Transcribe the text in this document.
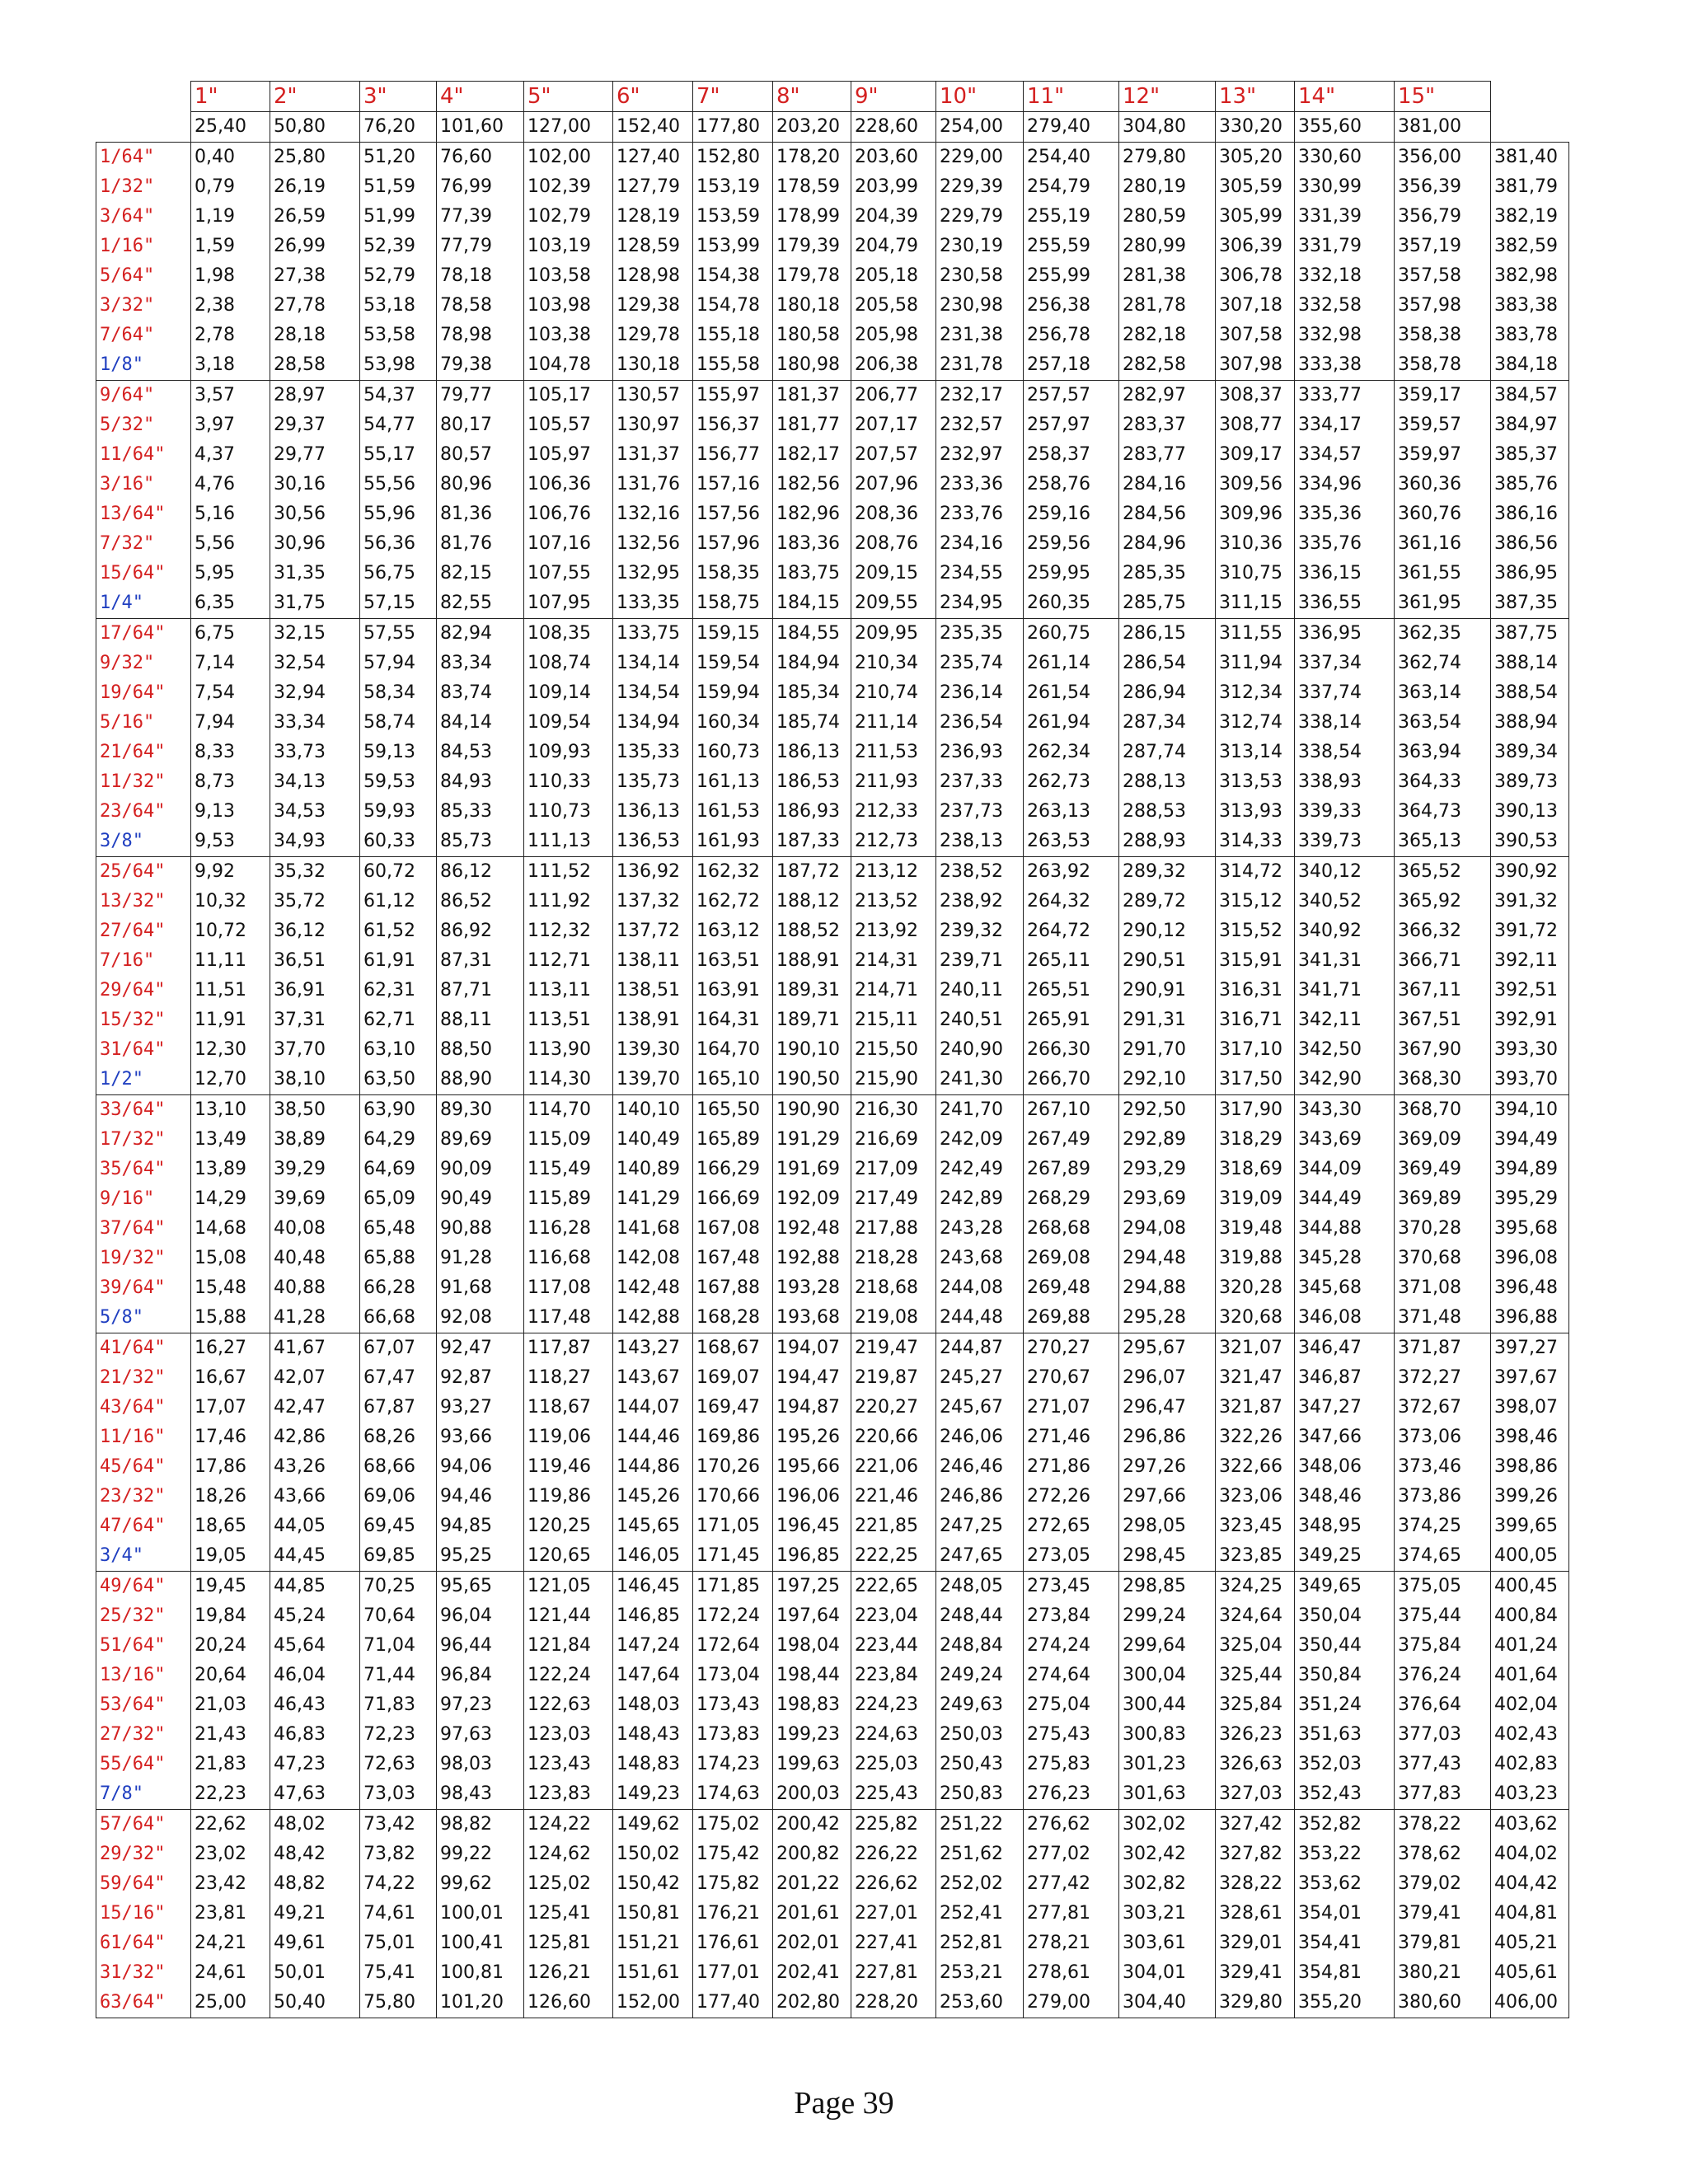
	1"	2"	3"	4"	5"	6"	7"	8"	9"	10"	11"	12"	13"	14"	15"	
	25,40	50,80	76,20	101,60	127,00	152,40	177,80	203,20	228,60	254,00	279,40	304,80	330,20	355,60	381,00	
1/64"	0,40	25,80	51,20	76,60	102,00	127,40	152,80	178,20	203,60	229,00	254,40	279,80	305,20	330,60	356,00	381,40
1/32"	0,79	26,19	51,59	76,99	102,39	127,79	153,19	178,59	203,99	229,39	254,79	280,19	305,59	330,99	356,39	381,79
3/64"	1,19	26,59	51,99	77,39	102,79	128,19	153,59	178,99	204,39	229,79	255,19	280,59	305,99	331,39	356,79	382,19
1/16"	1,59	26,99	52,39	77,79	103,19	128,59	153,99	179,39	204,79	230,19	255,59	280,99	306,39	331,79	357,19	382,59
5/64"	1,98	27,38	52,79	78,18	103,58	128,98	154,38	179,78	205,18	230,58	255,99	281,38	306,78	332,18	357,58	382,98
3/32"	2,38	27,78	53,18	78,58	103,98	129,38	154,78	180,18	205,58	230,98	256,38	281,78	307,18	332,58	357,98	383,38
7/64"	2,78	28,18	53,58	78,98	103,38	129,78	155,18	180,58	205,98	231,38	256,78	282,18	307,58	332,98	358,38	383,78
1/8"	3,18	28,58	53,98	79,38	104,78	130,18	155,58	180,98	206,38	231,78	257,18	282,58	307,98	333,38	358,78	384,18
9/64"	3,57	28,97	54,37	79,77	105,17	130,57	155,97	181,37	206,77	232,17	257,57	282,97	308,37	333,77	359,17	384,57
5/32"	3,97	29,37	54,77	80,17	105,57	130,97	156,37	181,77	207,17	232,57	257,97	283,37	308,77	334,17	359,57	384,97
11/64"	4,37	29,77	55,17	80,57	105,97	131,37	156,77	182,17	207,57	232,97	258,37	283,77	309,17	334,57	359,97	385,37
3/16"	4,76	30,16	55,56	80,96	106,36	131,76	157,16	182,56	207,96	233,36	258,76	284,16	309,56	334,96	360,36	385,76
13/64"	5,16	30,56	55,96	81,36	106,76	132,16	157,56	182,96	208,36	233,76	259,16	284,56	309,96	335,36	360,76	386,16
7/32"	5,56	30,96	56,36	81,76	107,16	132,56	157,96	183,36	208,76	234,16	259,56	284,96	310,36	335,76	361,16	386,56
15/64"	5,95	31,35	56,75	82,15	107,55	132,95	158,35	183,75	209,15	234,55	259,95	285,35	310,75	336,15	361,55	386,95
1/4"	6,35	31,75	57,15	82,55	107,95	133,35	158,75	184,15	209,55	234,95	260,35	285,75	311,15	336,55	361,95	387,35
17/64"	6,75	32,15	57,55	82,94	108,35	133,75	159,15	184,55	209,95	235,35	260,75	286,15	311,55	336,95	362,35	387,75
9/32"	7,14	32,54	57,94	83,34	108,74	134,14	159,54	184,94	210,34	235,74	261,14	286,54	311,94	337,34	362,74	388,14
19/64"	7,54	32,94	58,34	83,74	109,14	134,54	159,94	185,34	210,74	236,14	261,54	286,94	312,34	337,74	363,14	388,54
5/16"	7,94	33,34	58,74	84,14	109,54	134,94	160,34	185,74	211,14	236,54	261,94	287,34	312,74	338,14	363,54	388,94
21/64"	8,33	33,73	59,13	84,53	109,93	135,33	160,73	186,13	211,53	236,93	262,34	287,74	313,14	338,54	363,94	389,34
11/32"	8,73	34,13	59,53	84,93	110,33	135,73	161,13	186,53	211,93	237,33	262,73	288,13	313,53	338,93	364,33	389,73
23/64"	9,13	34,53	59,93	85,33	110,73	136,13	161,53	186,93	212,33	237,73	263,13	288,53	313,93	339,33	364,73	390,13
3/8"	9,53	34,93	60,33	85,73	111,13	136,53	161,93	187,33	212,73	238,13	263,53	288,93	314,33	339,73	365,13	390,53
25/64"	9,92	35,32	60,72	86,12	111,52	136,92	162,32	187,72	213,12	238,52	263,92	289,32	314,72	340,12	365,52	390,92
13/32"	10,32	35,72	61,12	86,52	111,92	137,32	162,72	188,12	213,52	238,92	264,32	289,72	315,12	340,52	365,92	391,32
27/64"	10,72	36,12	61,52	86,92	112,32	137,72	163,12	188,52	213,92	239,32	264,72	290,12	315,52	340,92	366,32	391,72
7/16"	11,11	36,51	61,91	87,31	112,71	138,11	163,51	188,91	214,31	239,71	265,11	290,51	315,91	341,31	366,71	392,11
29/64"	11,51	36,91	62,31	87,71	113,11	138,51	163,91	189,31	214,71	240,11	265,51	290,91	316,31	341,71	367,11	392,51
15/32"	11,91	37,31	62,71	88,11	113,51	138,91	164,31	189,71	215,11	240,51	265,91	291,31	316,71	342,11	367,51	392,91
31/64"	12,30	37,70	63,10	88,50	113,90	139,30	164,70	190,10	215,50	240,90	266,30	291,70	317,10	342,50	367,90	393,30
1/2"	12,70	38,10	63,50	88,90	114,30	139,70	165,10	190,50	215,90	241,30	266,70	292,10	317,50	342,90	368,30	393,70
33/64"	13,10	38,50	63,90	89,30	114,70	140,10	165,50	190,90	216,30	241,70	267,10	292,50	317,90	343,30	368,70	394,10
17/32"	13,49	38,89	64,29	89,69	115,09	140,49	165,89	191,29	216,69	242,09	267,49	292,89	318,29	343,69	369,09	394,49
35/64"	13,89	39,29	64,69	90,09	115,49	140,89	166,29	191,69	217,09	242,49	267,89	293,29	318,69	344,09	369,49	394,89
9/16"	14,29	39,69	65,09	90,49	115,89	141,29	166,69	192,09	217,49	242,89	268,29	293,69	319,09	344,49	369,89	395,29
37/64"	14,68	40,08	65,48	90,88	116,28	141,68	167,08	192,48	217,88	243,28	268,68	294,08	319,48	344,88	370,28	395,68
19/32"	15,08	40,48	65,88	91,28	116,68	142,08	167,48	192,88	218,28	243,68	269,08	294,48	319,88	345,28	370,68	396,08
39/64"	15,48	40,88	66,28	91,68	117,08	142,48	167,88	193,28	218,68	244,08	269,48	294,88	320,28	345,68	371,08	396,48
5/8"	15,88	41,28	66,68	92,08	117,48	142,88	168,28	193,68	219,08	244,48	269,88	295,28	320,68	346,08	371,48	396,88
41/64"	16,27	41,67	67,07	92,47	117,87	143,27	168,67	194,07	219,47	244,87	270,27	295,67	321,07	346,47	371,87	397,27
21/32"	16,67	42,07	67,47	92,87	118,27	143,67	169,07	194,47	219,87	245,27	270,67	296,07	321,47	346,87	372,27	397,67
43/64"	17,07	42,47	67,87	93,27	118,67	144,07	169,47	194,87	220,27	245,67	271,07	296,47	321,87	347,27	372,67	398,07
11/16"	17,46	42,86	68,26	93,66	119,06	144,46	169,86	195,26	220,66	246,06	271,46	296,86	322,26	347,66	373,06	398,46
45/64"	17,86	43,26	68,66	94,06	119,46	144,86	170,26	195,66	221,06	246,46	271,86	297,26	322,66	348,06	373,46	398,86
23/32"	18,26	43,66	69,06	94,46	119,86	145,26	170,66	196,06	221,46	246,86	272,26	297,66	323,06	348,46	373,86	399,26
47/64"	18,65	44,05	69,45	94,85	120,25	145,65	171,05	196,45	221,85	247,25	272,65	298,05	323,45	348,95	374,25	399,65
3/4"	19,05	44,45	69,85	95,25	120,65	146,05	171,45	196,85	222,25	247,65	273,05	298,45	323,85	349,25	374,65	400,05
49/64"	19,45	44,85	70,25	95,65	121,05	146,45	171,85	197,25	222,65	248,05	273,45	298,85	324,25	349,65	375,05	400,45
25/32"	19,84	45,24	70,64	96,04	121,44	146,85	172,24	197,64	223,04	248,44	273,84	299,24	324,64	350,04	375,44	400,84
51/64"	20,24	45,64	71,04	96,44	121,84	147,24	172,64	198,04	223,44	248,84	274,24	299,64	325,04	350,44	375,84	401,24
13/16"	20,64	46,04	71,44	96,84	122,24	147,64	173,04	198,44	223,84	249,24	274,64	300,04	325,44	350,84	376,24	401,64
53/64"	21,03	46,43	71,83	97,23	122,63	148,03	173,43	198,83	224,23	249,63	275,04	300,44	325,84	351,24	376,64	402,04
27/32"	21,43	46,83	72,23	97,63	123,03	148,43	173,83	199,23	224,63	250,03	275,43	300,83	326,23	351,63	377,03	402,43
55/64"	21,83	47,23	72,63	98,03	123,43	148,83	174,23	199,63	225,03	250,43	275,83	301,23	326,63	352,03	377,43	402,83
7/8"	22,23	47,63	73,03	98,43	123,83	149,23	174,63	200,03	225,43	250,83	276,23	301,63	327,03	352,43	377,83	403,23
57/64"	22,62	48,02	73,42	98,82	124,22	149,62	175,02	200,42	225,82	251,22	276,62	302,02	327,42	352,82	378,22	403,62
29/32"	23,02	48,42	73,82	99,22	124,62	150,02	175,42	200,82	226,22	251,62	277,02	302,42	327,82	353,22	378,62	404,02
59/64"	23,42	48,82	74,22	99,62	125,02	150,42	175,82	201,22	226,62	252,02	277,42	302,82	328,22	353,62	379,02	404,42
15/16"	23,81	49,21	74,61	100,01	125,41	150,81	176,21	201,61	227,01	252,41	277,81	303,21	328,61	354,01	379,41	404,81
61/64"	24,21	49,61	75,01	100,41	125,81	151,21	176,61	202,01	227,41	252,81	278,21	303,61	329,01	354,41	379,81	405,21
31/32"	24,61	50,01	75,41	100,81	126,21	151,61	177,01	202,41	227,81	253,21	278,61	304,01	329,41	354,81	380,21	405,61
63/64"	25,00	50,40	75,80	101,20	126,60	152,00	177,40	202,80	228,20	253,60	279,00	304,40	329,80	355,20	380,60	406,00
Page 39
